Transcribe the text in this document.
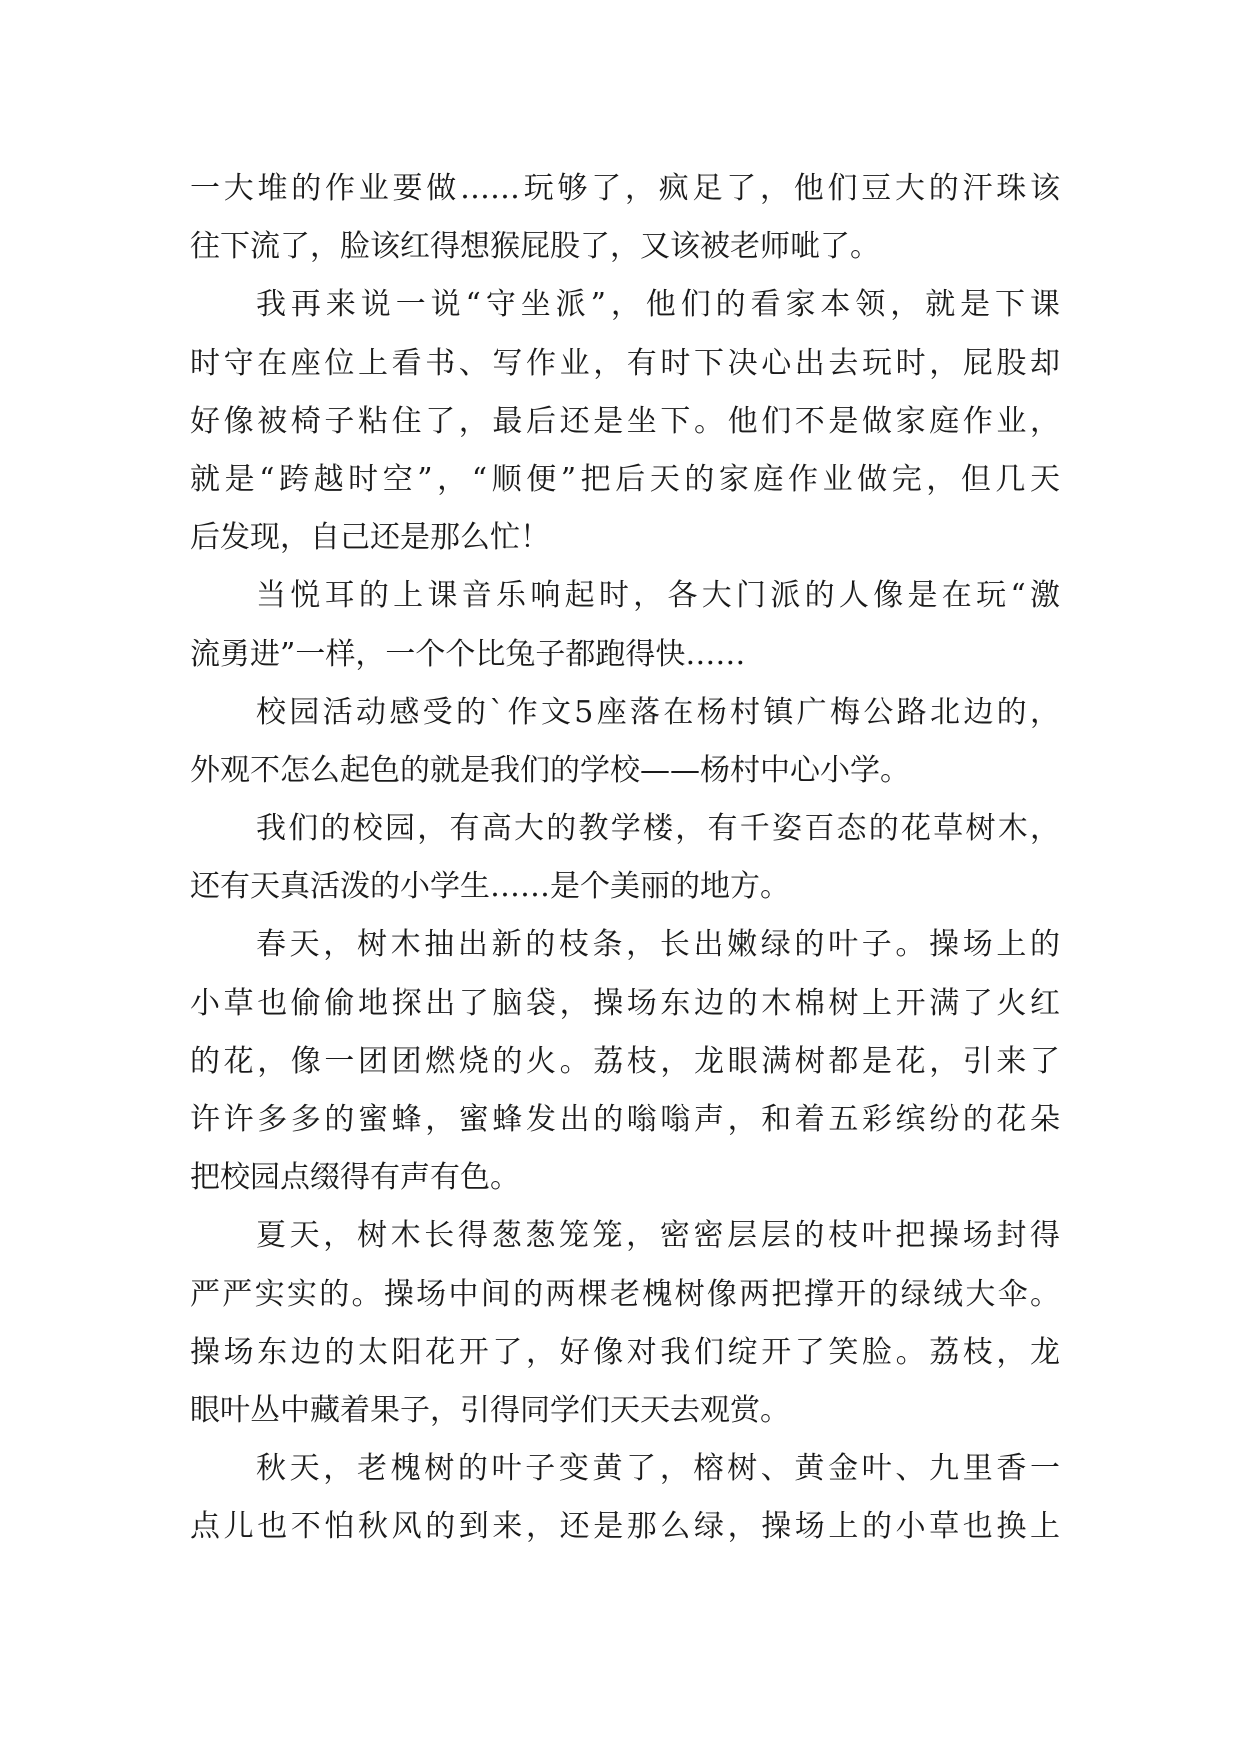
一大堆的作业要做……玩够了，疯足了，他们豆大的汗珠该
往下流了，脸该红得想猴屁股了，又该被老师呲了。
我再来说一说“守坐派”，他们的看家本领，就是下课
时守在座位上看书、写作业，有时下决心出去玩时，屁股却
好像被椅子粘住了，最后还是坐下。他们不是做家庭作业，
就是“跨越时空”，“顺便”把后天的家庭作业做完，但几天
后发现，自己还是那么忙！
当悦耳的上课音乐响起时，各大门派的人像是在玩“激
流勇进”一样，一个个比兔子都跑得快……
校园活动感受的`作文5座落在杨村镇广梅公路北边的，
外观不怎么起色的就是我们的学校——杨村中心小学。
我们的校园，有高大的教学楼，有千姿百态的花草树木，
还有天真活泼的小学生……是个美丽的地方。
春天，树木抽出新的枝条，长出嫩绿的叶子。操场上的
小草也偷偷地探出了脑袋，操场东边的木棉树上开满了火红
的花，像一团团燃烧的火。荔枝，龙眼满树都是花，引来了
许许多多的蜜蜂，蜜蜂发出的嗡嗡声，和着五彩缤纷的花朵
把校园点缀得有声有色。
夏天，树木长得葱葱笼笼，密密层层的枝叶把操场封得
严严实实的。操场中间的两棵老槐树像两把撑开的绿绒大伞。
操场东边的太阳花开了，好像对我们绽开了笑脸。荔枝，龙
眼叶丛中藏着果子，引得同学们天天去观赏。
秋天，老槐树的叶子变黄了，榕树、黄金叶、九里香一
点儿也不怕秋风的到来，还是那么绿，操场上的小草也换上
